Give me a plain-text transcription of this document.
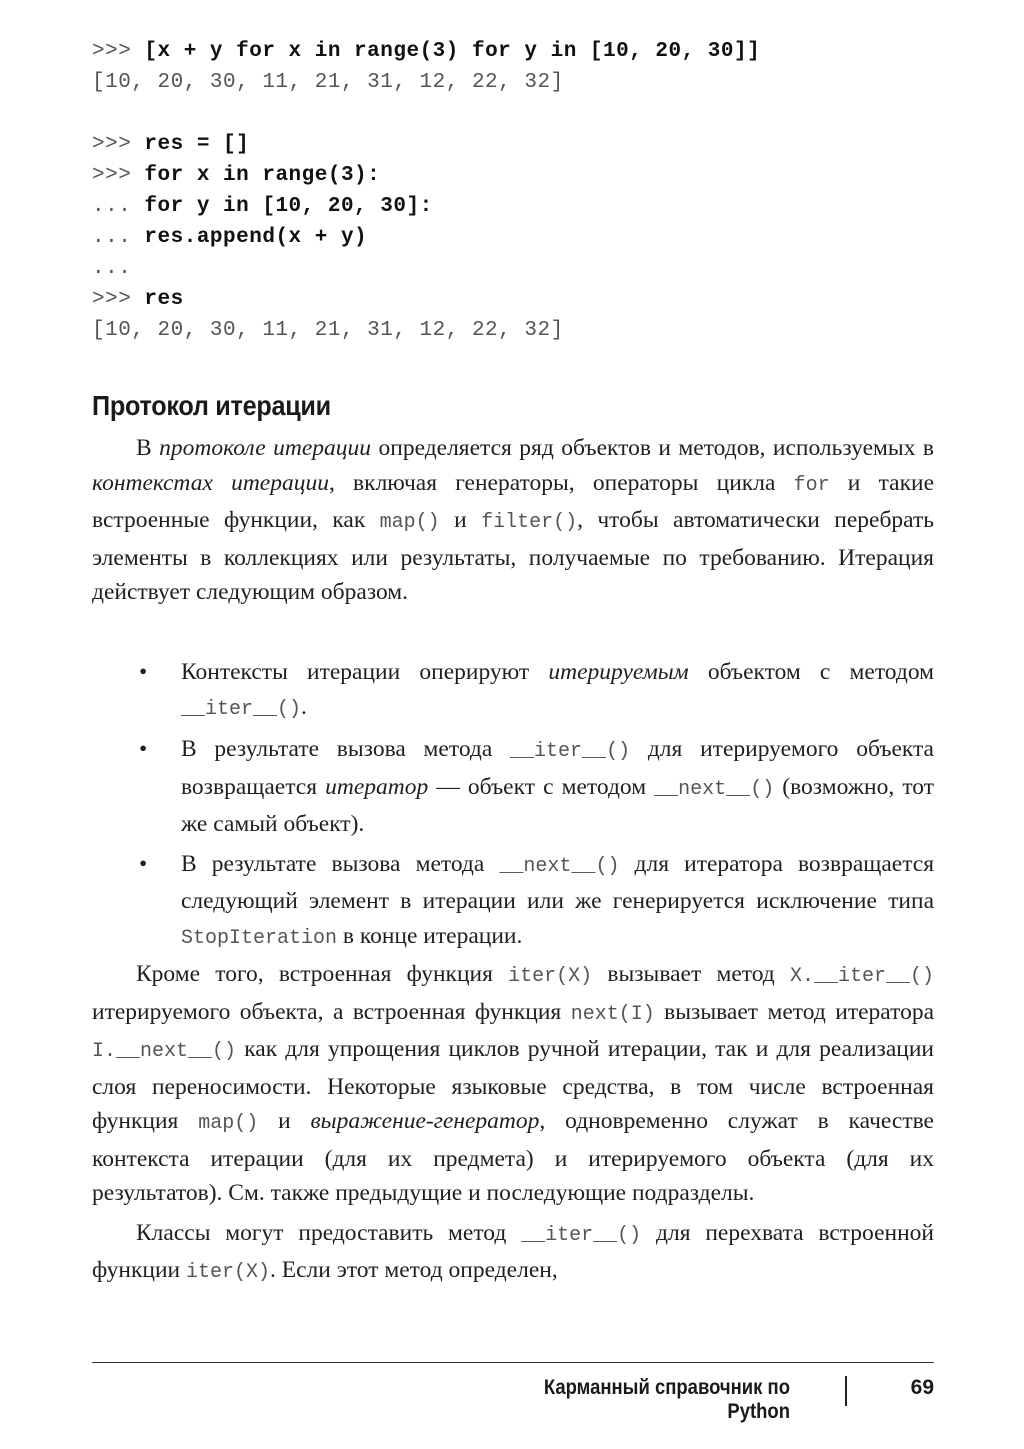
>>> [x + y for x in range(3) for y in [10, 20, 30]]
[10, 20, 30, 11, 21, 31, 12, 22, 32]
>>> res = []
>>> for x in range(3):
... for y in [10, 20, 30]:
... res.append(x + y)
...
>>> res
[10, 20, 30, 11, 21, 31, 12, 22, 32]
Протокол итерации

В протоколе итерации определяется ряд объектов и методов, используемых в контекстах итерации, включая генераторы, операторы цикла for и такие встроенные функции, как map() и filter(), чтобы автоматически перебрать элементы в коллекциях или результаты, получаемые по требованию. Итерация действует следующим образом.

• Контексты итерации оперируют итерируемым объектом с методом __iter__().
• В результате вызова метода __iter__() для итерируемого объекта возвращается итератор — объект с методом __next__() (возможно, тот же самый объект).
• В результате вызова метода __next__() для итератора возвращается следующий элемент в итерации или же генерируется исключение типа StopIteration в конце итерации.

Кроме того, встроенная функция iter(X) вызывает метод X.__iter__() итерируемого объекта, а встроенная функция next(I) вызывает метод итератора I.__next__() как для упрощения циклов ручной итерации, так и для реализации слоя переносимости. Некоторые языковые средства, в том числе встроенная функция map() и выражение-генератор, одновременно служат в качестве контекста итерации (для их предмета) и итерируемого объекта (для их результатов). См. также предыдущие и последующие подразделы.

Классы могут предоставить метод __iter__() для перехвата встроенной функции iter(X). Если этот метод определен,

Карманный справочник по Python
69
